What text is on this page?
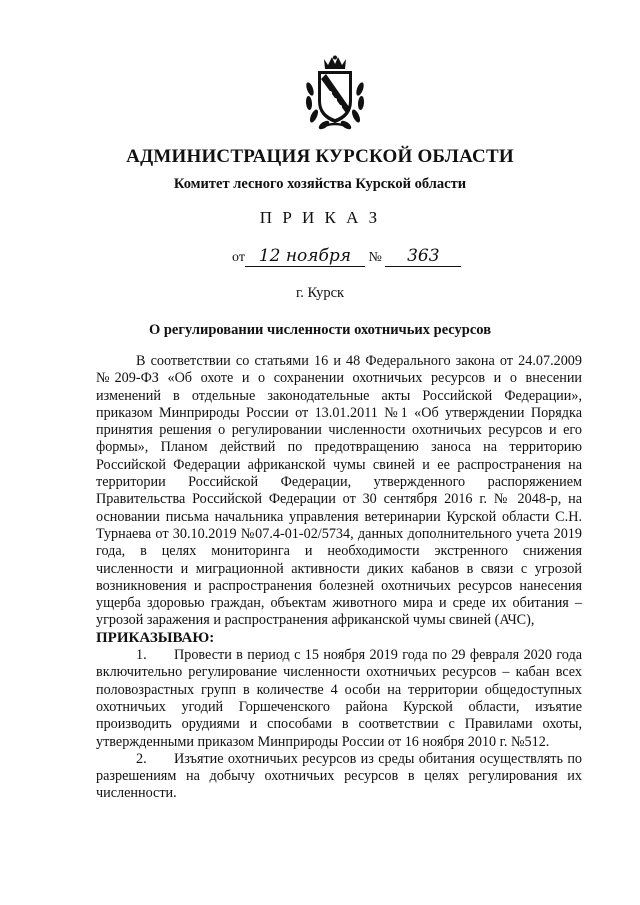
АДМИНИСТРАЦИЯ КУРСКОЙ ОБЛАСТИ
Комитет лесного хозяйства Курской области
П Р И К А З
от 12 ноября № 363
г. Курск
О регулировании численности охотничьих ресурсов

В соответствии со статьями 16 и 48 Федерального закона от 24.07.2009 №209-ФЗ «Об охоте и о сохранении охотничьих ресурсов и о внесении изменений в отдельные законодательные акты Российской Федерации», приказом Минприроды России от 13.01.2011 №1 «Об утверждении Порядка принятия решения о регулировании численности охотничьих ресурсов и его формы», Планом действий по предотвращению заноса на территорию Российской Федерации африканской чумы свиней и ее распространения на территории Российской Федерации, утвержденного распоряжением Правительства Российской Федерации от 30 сентября 2016 г. № 2048-р, на основании письма начальника управления ветеринарии Курской области С.Н. Турнаева от 30.10.2019 №07.4-01-02/5734, данных дополнительного учета 2019 года, в целях мониторинга и необходимости экстренного снижения численности и миграционной активности диких кабанов в связи с угрозой возникновения и распространения болезней охотничьих ресурсов нанесения ущерба здоровью граждан, объектам животного мира и среде их обитания – угрозой заражения и распространения африканской чумы свиней (АЧС),

ПРИКАЗЫВАЮ:

1. Провести в период с 15 ноября 2019 года по 29 февраля 2020 года включительно регулирование численности охотничьих ресурсов – кабан всех половозрастных групп в количестве 4 особи на территории общедоступных охотничьих угодий Горшеченского района Курской области, изъятие производить орудиями и способами в соответствии с Правилами охоты, утвержденными приказом Минприроды России от 16 ноября 2010 г. №512.

2. Изъятие охотничьих ресурсов из среды обитания осуществлять по разрешениям на добычу охотничьих ресурсов в целях регулирования их численности.
